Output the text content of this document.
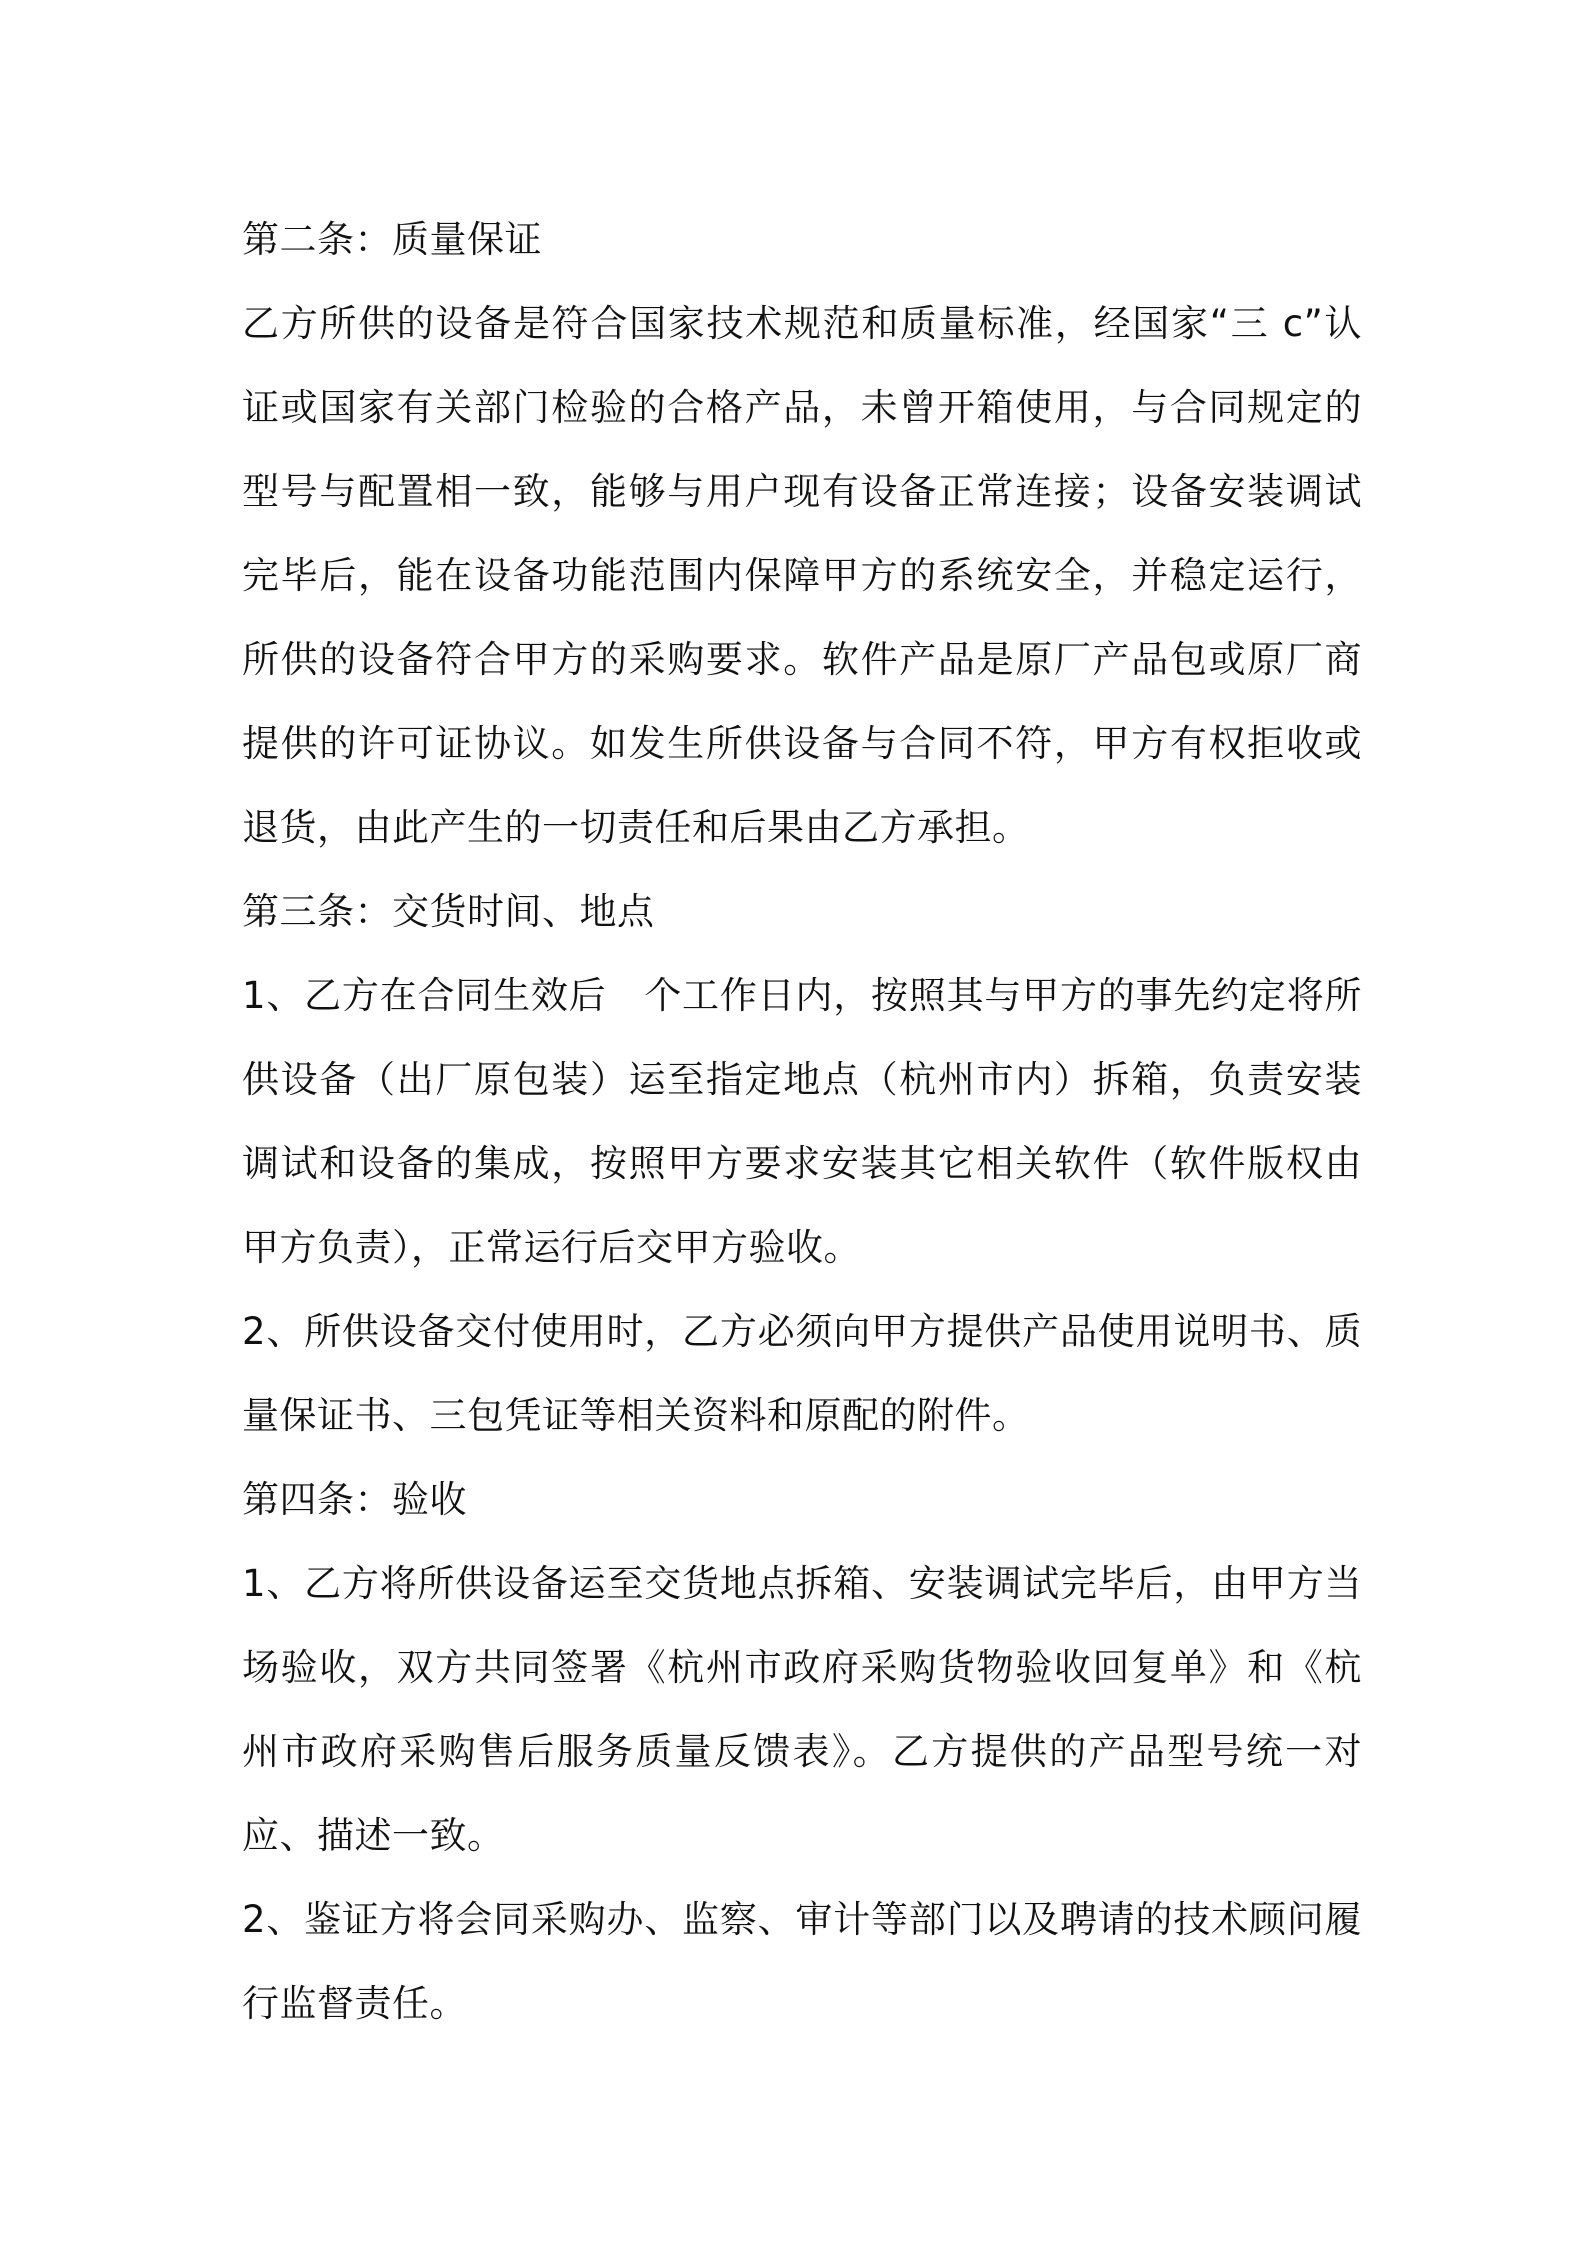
第二条：质量保证

乙方所供的设备是符合国家技术规范和质量标准，经国家“三 c”认证或国家有关部门检验的合格产品，未曾开箱使用，与合同规定的型号与配置相一致，能够与用户现有设备正常连接；设备安装调试完毕后，能在设备功能范围内保障甲方的系统安全，并稳定运行，所供的设备符合甲方的采购要求。软件产品是原厂产品包或原厂商提供的许可证协议。如发生所供设备与合同不符，甲方有权拒收或退货，由此产生的一切责任和后果由乙方承担。

第三条：交货时间、地点

1、乙方在合同生效后　个工作日内，按照其与甲方的事先约定将所供设备（出厂原包装）运至指定地点（杭州市内）拆箱，负责安装调试和设备的集成，按照甲方要求安装其它相关软件（软件版权由甲方负责），正常运行后交甲方验收。

2、所供设备交付使用时，乙方必须向甲方提供产品使用说明书、质量保证书、三包凭证等相关资料和原配的附件。

第四条：验收

1、乙方将所供设备运至交货地点拆箱、安装调试完毕后，由甲方当场验收，双方共同签署《杭州市政府采购货物验收回复单》和《杭州市政府采购售后服务质量反馈表》。乙方提供的产品型号统一对应、描述一致。

2、鉴证方将会同采购办、监察、审计等部门以及聘请的技术顾问履行监督责任。
